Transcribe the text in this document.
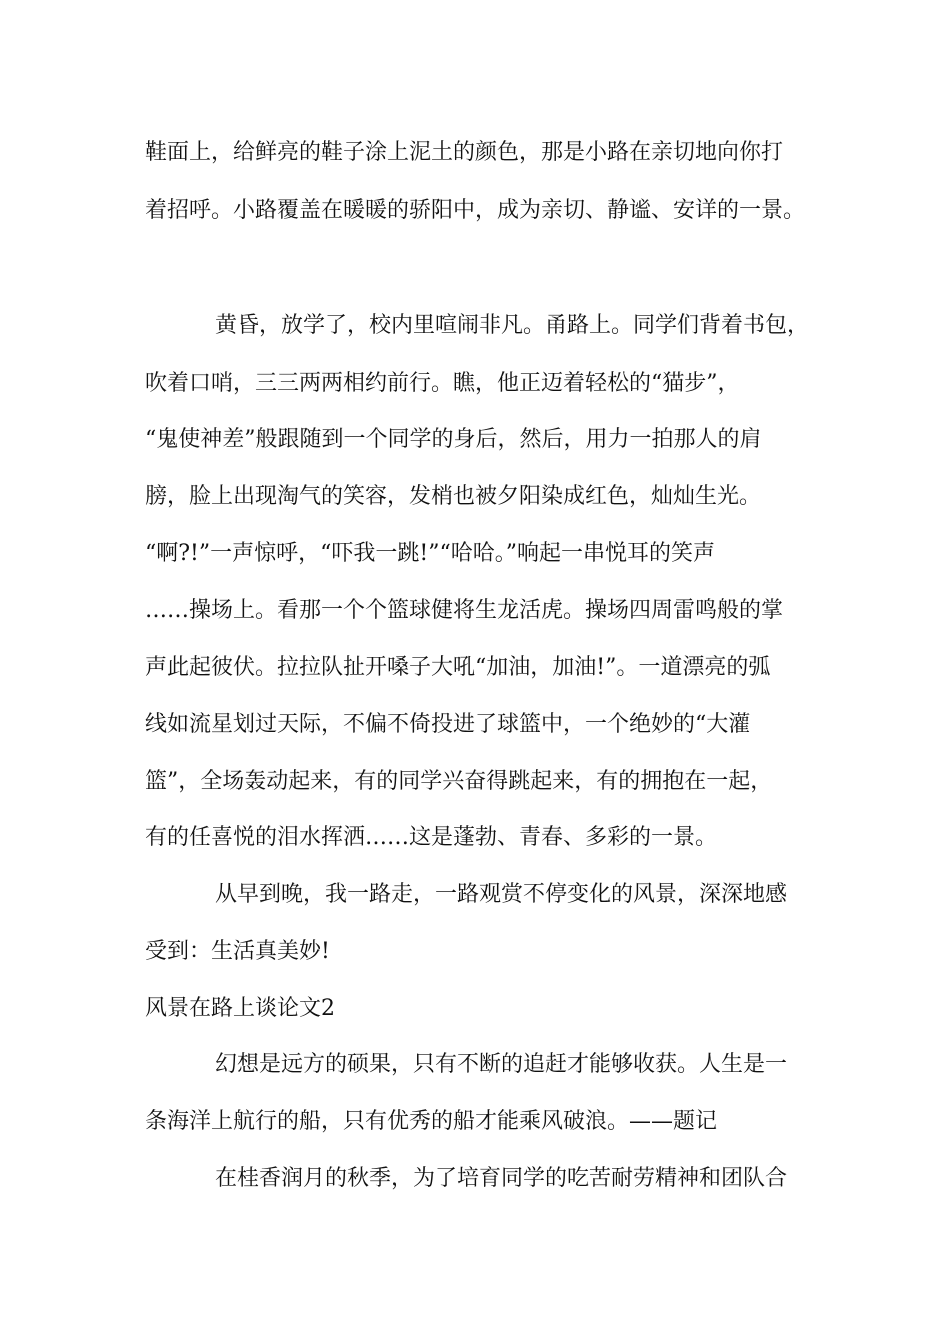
鞋面上，给鲜亮的鞋子涂上泥土的颜色，那是小路在亲切地向你打
着招呼。小路覆盖在暖暖的骄阳中，成为亲切、静谧、安详的一景。
黄昏，放学了，校内里喧闹非凡。甬路上。同学们背着书包，
吹着口哨，三三两两相约前行。瞧，他正迈着轻松的“猫步”，
“鬼使神差”般跟随到一个同学的身后，然后，用力一拍那人的肩
膀，脸上出现淘气的笑容，发梢也被夕阳染成红色，灿灿生光。
“啊?!”一声惊呼，“吓我一跳!”“哈哈。”响起一串悦耳的笑声
……操场上。看那一个个篮球健将生龙活虎。操场四周雷鸣般的掌
声此起彼伏。拉拉队扯开嗓子大吼“加油，加油!”。一道漂亮的弧
线如流星划过天际，不偏不倚投进了球篮中，一个绝妙的“大灌
篮”，全场轰动起来，有的同学兴奋得跳起来，有的拥抱在一起，
有的任喜悦的泪水挥洒……这是蓬勃、青春、多彩的一景。
从早到晚，我一路走，一路观赏不停变化的风景，深深地感
受到：生活真美妙!
风景在路上谈论文2
幻想是远方的硕果，只有不断的追赶才能够收获。人生是一
条海洋上航行的船，只有优秀的船才能乘风破浪。——题记
在桂香润月的秋季，为了培育同学的吃苦耐劳精神和团队合
